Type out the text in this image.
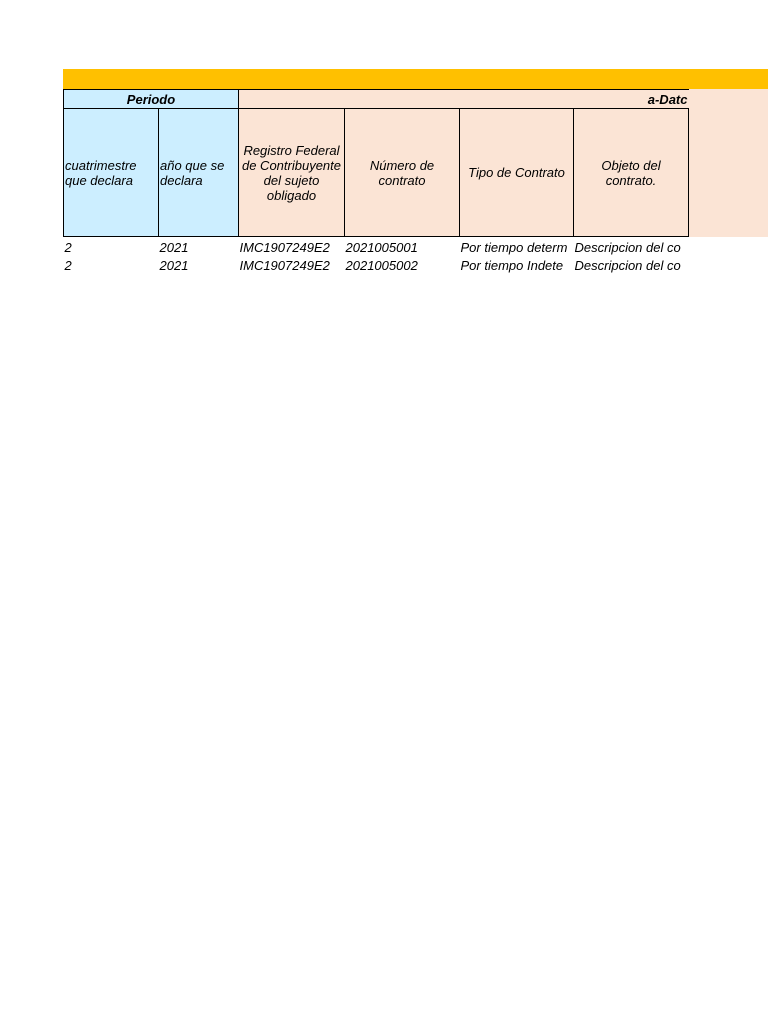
Periodo		a-Datc			
cuatrimestre que declara	año que se declara	Registro Federal de Contribuyente del sujeto obligado	Número de contrato	Tipo de Contrato	Objeto del contrato.
2	2021	IMC1907249E2	2021005001	Por tiempo determ	Descripcion del co
2	2021	IMC1907249E2	2021005002	Por tiempo Indete	Descripcion del co
